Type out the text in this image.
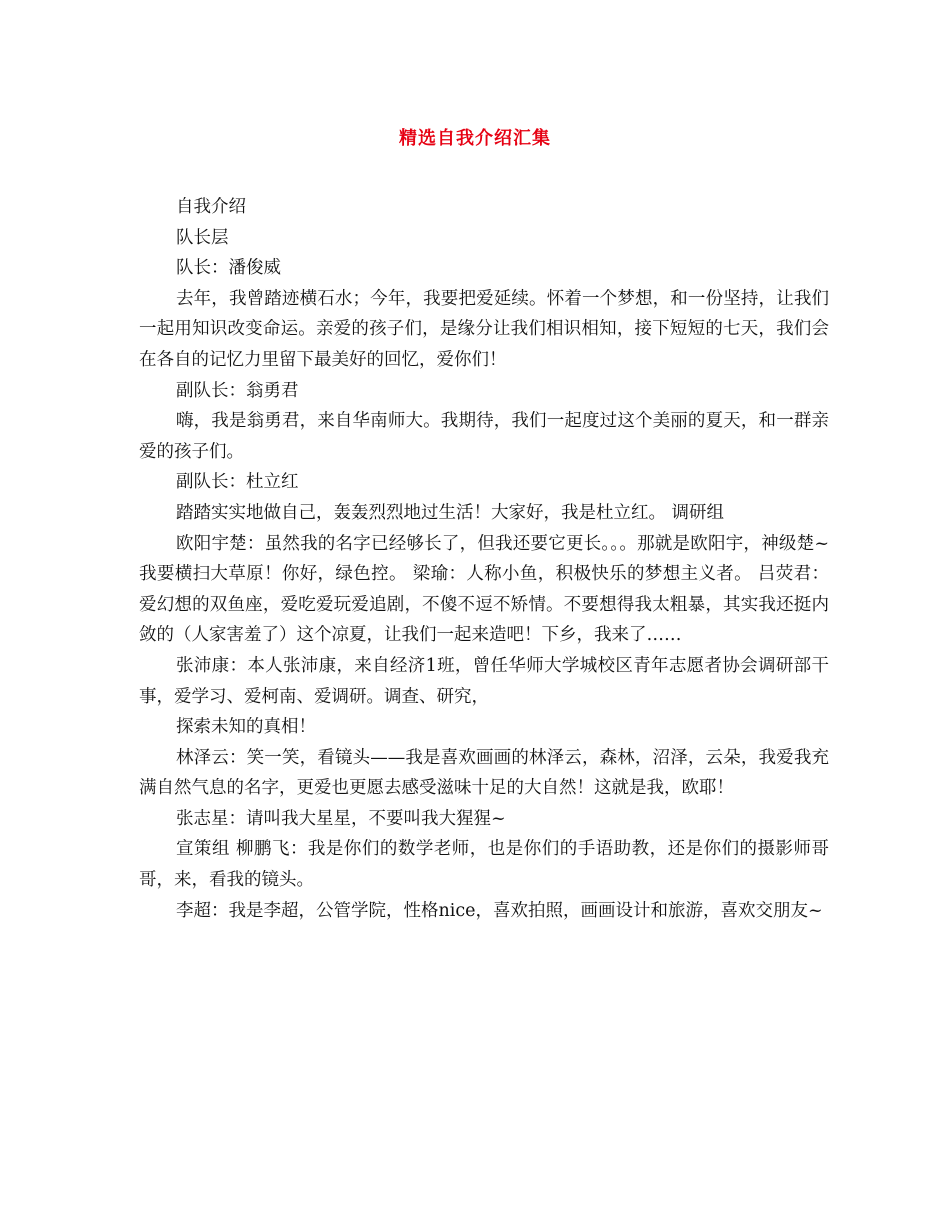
精选自我介绍汇集

自我介绍

队长层

队长：潘俊威

去年，我曾踏迹横石水；今年，我要把爱延续。怀着一个梦想，和一份坚持，让我们一起用知识改变命运。亲爱的孩子们，是缘分让我们相识相知，接下短短的七天，我们会在各自的记忆力里留下最美好的回忆，爱你们！

副队长：翁勇君

嗨，我是翁勇君，来自华南师大。我期待，我们一起度过这个美丽的夏天，和一群亲爱的孩子们。

副队长：杜立红

踏踏实实地做自己，轰轰烈烈地过生活！大家好，我是杜立红。 调研组

欧阳宇楚：虽然我的名字已经够长了，但我还要它更长。。。那就是欧阳宇，神级楚~ 我要横扫大草原！你好，绿色控。 梁瑜：人称小鱼，积极快乐的梦想主义者。 吕荧君：爱幻想的双鱼座，爱吃爱玩爱追剧，不傻不逗不矫情。不要想得我太粗暴，其实我还挺内敛的（人家害羞了）这个凉夏，让我们一起来造吧！下乡，我来了……

张沛康：本人张沛康，来自经济1班，曾任华师大学城校区青年志愿者协会调研部干事，爱学习、爱柯南、爱调研。调查、研究，

探索未知的真相！

林泽云：笑一笑，看镜头——我是喜欢画画的林泽云，森林，沼泽，云朵，我爱我充满自然气息的名字，更爱也更愿去感受滋味十足的大自然！这就是我，欧耶！

张志星：请叫我大星星，不要叫我大猩猩~

宣策组 柳鹏飞：我是你们的数学老师，也是你们的手语助教，还是你们的摄影师哥哥，来，看我的镜头。

李超：我是李超，公管学院，性格nice，喜欢拍照，画画设计和旅游，喜欢交朋友~
